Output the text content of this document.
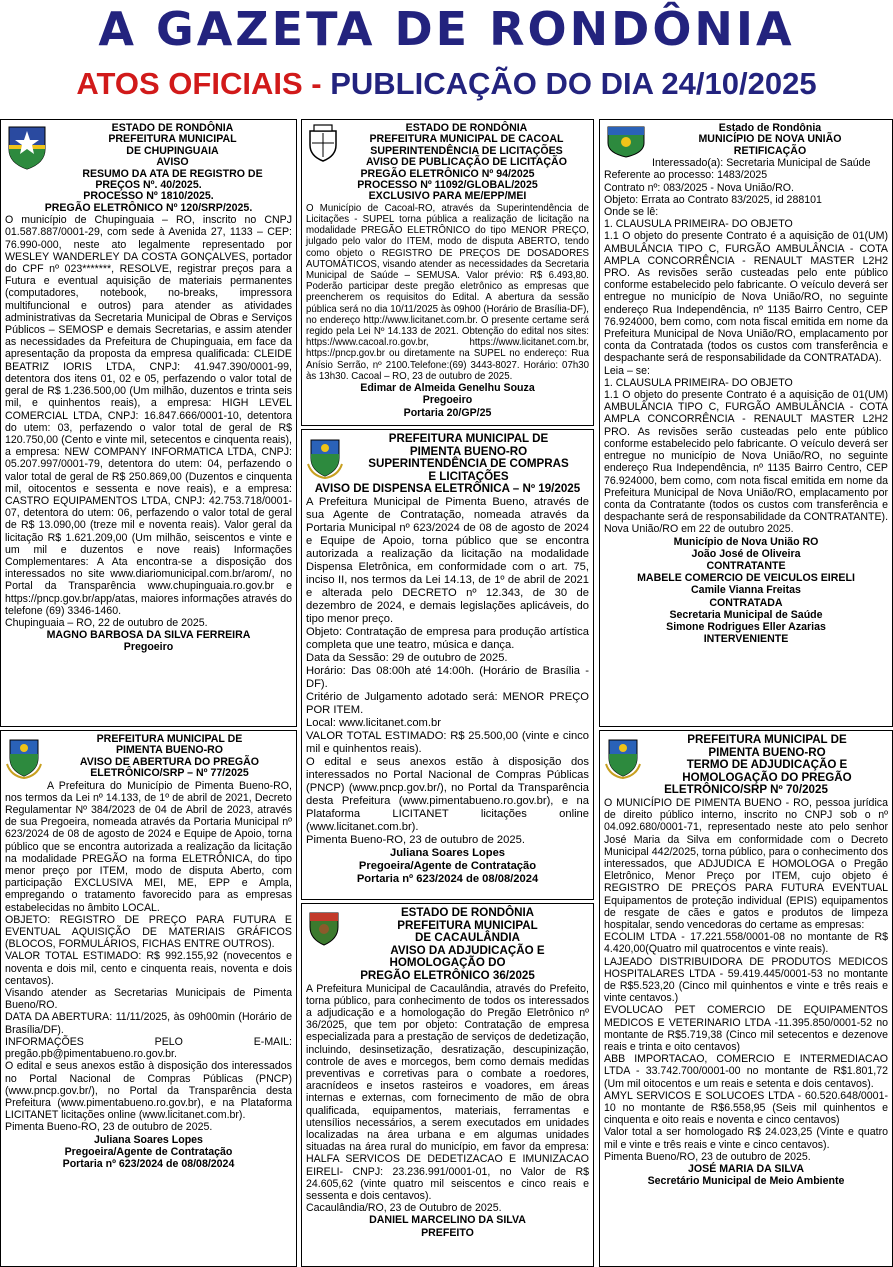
A GAZETA DE RONDÔNIA
ATOS OFICIAIS - PUBLICAÇÃO DO DIA 24/10/2025
ESTADO DE RONDÔNIA
PREFEITURA MUNICIPAL
DE CHUPINGUAIA
AVISO
RESUMO DA ATA DE REGISTRO DE
PREÇOS Nº. 40/2025.
PROCESSO Nº 1810/2025.
PREGÃO ELETRÔNICO Nº 120/SRP/2025.
O município de Chupinguaia – RO, inscrito no CNPJ 01.587.887/0001-29, com sede à Avenida 27, 1133 – CEP: 76.990-000, neste ato legalmente representado por WESLEY WANDERLEY DA COSTA GONÇALVES, portador do CPF nº 023*******, RESOLVE, registrar preços para a Futura e eventual aquisição de materiais permanentes (computadores, notebook, no-breaks, impressora multifuncional e outros) para atender as atividades administrativas da Secretaria Municipal de Obras e Serviços Públicos – SEMOSP e demais Secretarias, e assim atender as necessidades da Prefeitura de Chupinguaia, em face da apresentação da proposta da empresa qualificada: CLEIDE BEATRIZ IORIS LTDA, CNPJ: 41.947.390/0001-99, detentora dos itens 01, 02 e 05, perfazendo o valor total de geral de R$ 1.236.500,00 (Um milhão, duzentos e trinta seis mil, e quinhentos reais), a empresa: HIGH LEVEL COMERCIAL LTDA, CNPJ: 16.847.666/0001-10, detentora do utem: 03, perfazendo o valor total de geral de R$ 120.750,00 (Cento e vinte mil, setecentos e cinquenta reais), a empresa: NEW COMPANY INFORMATICA LTDA, CNPJ: 05.207.997/0001-79, detentora do utem: 04, perfazendo o valor total de geral de R$ 250.869,00 (Duzentos e cinquenta mil, oitocentos e sessenta e nove reais), e a empresa: CASTRO EQUIPAMENTOS LTDA, CNPJ: 42.753.718/0001-07, detentora do utem: 06, perfazendo o valor total de geral de R$ 13.090,00 (treze mil e noventa reais). Valor geral da licitação R$ 1.621.209,00 (Um milhão, seiscentos e vinte e um mil e duzentos e nove reais) Informações Complementares: A Ata encontra-se a disposição dos interessados no site www.diariomunicipal.com.br/arom/, no Portal da Transparência www.chupinguaia.ro.gov.br e https://pncp.gov.br/app/atas, maiores informações através do telefone (69) 3346-1460.
Chupinguaia – RO, 22 de outubro de 2025.
MAGNO BARBOSA DA SILVA FERREIRA
Pregoeiro
PREFEITURA MUNICIPAL DE
PIMENTA BUENO-RO
AVISO DE ABERTURA DO PREGÃO
ELETRÔNICO/SRP – Nº 77/2025
A Prefeitura do Município de Pimenta Bueno-RO, nos termos da Lei nº 14.133, de 1º de abril de 2021, Decreto Regulamentar Nº 384/2023 de 04 de Abril de 2023, através de sua Pregoeira, nomeada através da Portaria Municipal nº 623/2024 de 08 de agosto de 2024 e Equipe de Apoio, torna público que se encontra autorizada a realização da licitação na modalidade PREGÃO na forma ELETRÔNICA, do tipo menor preço por ITEM, modo de disputa Aberto, com participação EXCLUSIVA MEI, ME, EPP e Ampla, empregando o tratamento favorecido para as empresas estabelecidas no âmbito LOCAL.
OBJETO: REGISTRO DE PREÇO PARA FUTURA E EVENTUAL AQUISIÇÃO DE MATERIAIS GRÁFICOS (BLOCOS, FORMULÁRIOS, FICHAS ENTRE OUTROS).
VALOR TOTAL ESTIMADO: R$ 992.155,92 (novecentos e noventa e dois mil, cento e cinquenta reais, noventa e dois centavos).
Visando atender as Secretarias Municipais de Pimenta Bueno/RO.
DATA DA ABERTURA: 11/11/2025, às 09h00min (Horário de Brasília/DF).
INFORMAÇÕES PELO E-MAIL: pregão.pb@pimentabueno.ro.gov.br.
O edital e seus anexos estão à disposição dos interessados no Portal Nacional de Compras Públicas (PNCP) (www.pncp.gov.br/), no Portal da Transparência desta Prefeitura (www.pimentabueno.ro.gov.br), e na Plataforma LICITANET licitações online (www.licitanet.com.br).
Pimenta Bueno-RO, 23 de outubro de 2025.
Juliana Soares Lopes
Pregoeira/Agente de Contratação
Portaria nº 623/2024 de 08/08/2024
ESTADO DE RONDÔNIA
PREFEITURA MUNICIPAL DE CACOAL
SUPERINTENDÊNCIA DE LICITAÇÕES
AVISO DE PUBLICAÇÃO DE LICITAÇÃO
PREGÃO ELETRÔNICO Nº 94/2025
PROCESSO Nº 11092/GLOBAL/2025
EXCLUSIVO PARA ME/EPP/MEI
O Município de Cacoal-RO, através da Superintendência de Licitações - SUPEL torna pública a realização de licitação na modalidade PREGÃO ELETRÔNICO do tipo MENOR PREÇO, julgado pelo valor do ITEM, modo de disputa ABERTO, tendo como objeto o REGISTRO DE PREÇOS DE DOSADORES AUTOMÁTICOS, visando atender as necessidades da Secretaria Municipal de Saúde – SEMUSA. Valor prévio: R$ 6.493,80. Poderão participar deste pregão eletrônico as empresas que preencherem os requisitos do Edital. A abertura da sessão pública será no dia 10/11/2025 às 09h00 (Horário de Brasília-DF), no endereço http://www.licitanet.com.br. O presente certame será regido pela Lei Nº 14.133 de 2021. Obtenção do edital nos sites: https://www.cacoal.ro.gov.br, https://www.licitanet.com.br, https://pncp.gov.br ou diretamente na SUPEL no endereço: Rua Anísio Serrão, nº 2100.Telefone:(69) 3443-8027. Horário: 07h30 às 13h30. Cacoal – RO, 23 de outubro de 2025.
Edimar de Almeida Genelhu Souza
Pregoeiro
Portaria 20/GP/25
PREFEITURA MUNICIPAL DE
PIMENTA BUENO-RO
SUPERINTENDÊNCIA DE COMPRAS
E LICITAÇÕES
AVISO DE DISPENSA ELETRÔNICA – Nº 19/2025
A Prefeitura Municipal de Pimenta Bueno, através de sua Agente de Contratação, nomeada através da Portaria Municipal nº 623/2024 de 08 de agosto de 2024 e Equipe de Apoio, torna público que se encontra autorizada a realização da licitação na modalidade Dispensa Eletrônica, em conformidade com o art. 75, inciso II, nos termos da Lei 14.13, de 1º de abril de 2021 e alterada pelo DECRETO nº 12.343, de 30 de dezembro de 2024, e demais legislações aplicáveis, do tipo menor preço.
Objeto: Contratação de empresa para produção artística completa que une teatro, música e dança.
Data da Sessão: 29 de outubro de 2025.
Horário: Das 08:00h até 14:00h. (Horário de Brasília - DF).
Critério de Julgamento adotado será: MENOR PREÇO POR ITEM.
Local: www.licitanet.com.br
VALOR TOTAL ESTIMADO: R$ 25.500,00 (vinte e cinco mil e quinhentos reais).
O edital e seus anexos estão à disposição dos interessados no Portal Nacional de Compras Públicas (PNCP) (www.pncp.gov.br/), no Portal da Transparência desta Prefeitura (www.pimentabueno.ro.gov.br), e na Plataforma LICITANET licitações online (www.licitanet.com.br).
Pimenta Bueno-RO, 23 de outubro de 2025.
Juliana Soares Lopes
Pregoeira/Agente de Contratação
Portaria nº 623/2024 de 08/08/2024
ESTADO DE RONDÔNIA
PREFEITURA MUNICIPAL
DE CACAULÂNDIA
AVISO DA ADJUDICAÇÃO E HOMOLOGAÇÃO DO
PREGÃO ELETRÔNICO 36/2025
A Prefeitura Municipal de Cacaulândia, através do Prefeito, torna público, para conhecimento de todos os interessados a adjudicação e a homologação do Pregão Eletrônico nº 36/2025, que tem por objeto: Contratação de empresa especializada para a prestação de serviços de dedetização, incluindo, desinsetização, desratização, descupinização, controle de aves e morcegos, bem como demais medidas preventivas e corretivas para o combate a roedores, aracnídeos e insetos rasteiros e voadores, em áreas internas e externas, com fornecimento de mão de obra qualificada, equipamentos, materiais, ferramentas e utensílios necessários, a serem executados em unidades localizadas na área urbana e em algumas unidades situadas na área rural do município, em favor da empresa: HALFA SERVICOS DE DEDETIZACAO E IMUNIZACAO EIRELI- CNPJ: 23.236.991/0001-01, no Valor de R$ 24.605,62 (vinte quatro mil seiscentos e cinco reais e sessenta e dois centavos).
Cacaulândia/RO, 23 de Outubro de 2025.
DANIEL MARCELINO DA SILVA
PREFEITO
Estado de Rondônia
MUNICÍPIO DE NOVA UNIÃO
RETIFICAÇÃO
Interessado(a): Secretaria Municipal de Saúde
Referente ao processo: 1483/2025
Contrato nº: 083/2025 - Nova União/RO.
Objeto: Errata ao Contrato 83/2025, id 288101
Onde se lê:
1. CLAUSULA PRIMEIRA- DO OBJETO
1.1 O objeto do presente Contrato é a aquisição de 01(UM) AMBULÂNCIA TIPO C, FURGÃO AMBULÂNCIA - COTA AMPLA CONCORRÊNCIA - RENAULT MASTER L2H2 PRO. As revisões serão custeadas pelo ente público conforme estabelecido pelo fabricante. O veículo deverá ser entregue no município de Nova União/RO, no seguinte endereço Rua Independência, nº 1135 Bairro Centro, CEP 76.924000, bem como, com nota fiscal emitida em nome da Prefeitura Municipal de Nova União/RO, emplacamento por conta da Contratada (todos os custos com transferência e despachante será de responsabilidade da CONTRATADA).
Leia – se:
1. CLAUSULA PRIMEIRA- DO OBJETO
1.1 O objeto do presente Contrato é a aquisição de 01(UM) AMBULÂNCIA TIPO C, FURGÃO AMBULÂNCIA - COTA AMPLA CONCORRÊNCIA - RENAULT MASTER L2H2 PRO. As revisões serão custeadas pelo ente público conforme estabelecido pelo fabricante. O veículo deverá ser entregue no município de Nova União/RO, no seguinte endereço Rua Independência, nº 1135 Bairro Centro, CEP 76.924000, bem como, com nota fiscal emitida em nome da Prefeitura Municipal de Nova União/RO, emplacamento por conta da Contratante (todos os custos com transferência e despachante será de responsabilidade da CONTRATANTE).
Nova União/RO em 22 de outubro 2025.
Município de Nova União RO
João José de Oliveira
CONTRATANTE
MABELE COMERCIO DE VEICULOS EIRELI
Camile Vianna Freitas
CONTRATADA
Secretaria Municipal de Saúde
Simone Rodrigues Eller Azarias
INTERVENIENTE
PREFEITURA MUNICIPAL DE
PIMENTA BUENO-RO
TERMO DE ADJUDICAÇÃO E
HOMOLOGAÇÃO DO PREGÃO
ELETRÔNICO/SRP Nº 70/2025
O MUNICÍPIO DE PIMENTA BUENO - RO, pessoa jurídica de direito público interno, inscrito no CNPJ sob o nº 04.092.680/0001-71, representado neste ato pelo senhor José Maria da Silva em conformidade com o Decreto Municipal 442/2025, torna público, para o conhecimento dos interessados, que ADJUDICA E HOMOLOGA o Pregão Eletrônico, Menor Preço por ITEM, cujo objeto é REGISTRO DE PREÇOS PARA FUTURA EVENTUAL Equipamentos de proteção individual (EPIS) equipamentos de resgate de cães e gatos e produtos de limpeza hospitalar, sendo vencedoras do certame as empresas:
ECOLIM LTDA - 17.221.558/0001-08 no montante de R$ 4.420,00(Quatro mil quatrocentos e vinte reais).
LAJEADO DISTRIBUIDORA DE PRODUTOS MEDICOS HOSPITALARES LTDA - 59.419.445/0001-53 no montante de R$5.523,20 (Cinco mil quinhentos e vinte e três reais e vinte centavos.)
EVOLUCAO PET COMERCIO DE EQUIPAMENTOS MEDICOS E VETERINARIO LTDA -11.395.850/0001-52 no montante de R$5.719,38 (Cinco mil setecentos e dezenove reais e trinta e oito centavos)
ABB IMPORTACAO, COMERCIO E INTERMEDIACAO LTDA - 33.742.700/0001-00 no montante de R$1.801,72 (Um mil oitocentos e um reais e setenta e dois centavos).
AMYL SERVICOS E SOLUCOES LTDA - 60.520.648/0001-10 no montante de R$6.558,95 (Seis mil quinhentos e cinquenta e oito reais e noventa e cinco centavos)
Valor total a ser homologado R$ 24.023,25 (Vinte e quatro mil e vinte e três reais e vinte e cinco centavos).
Pimenta Bueno/RO, 23 de outubro de 2025.
JOSÉ MARIA DA SILVA
Secretário Municipal de Meio Ambiente
